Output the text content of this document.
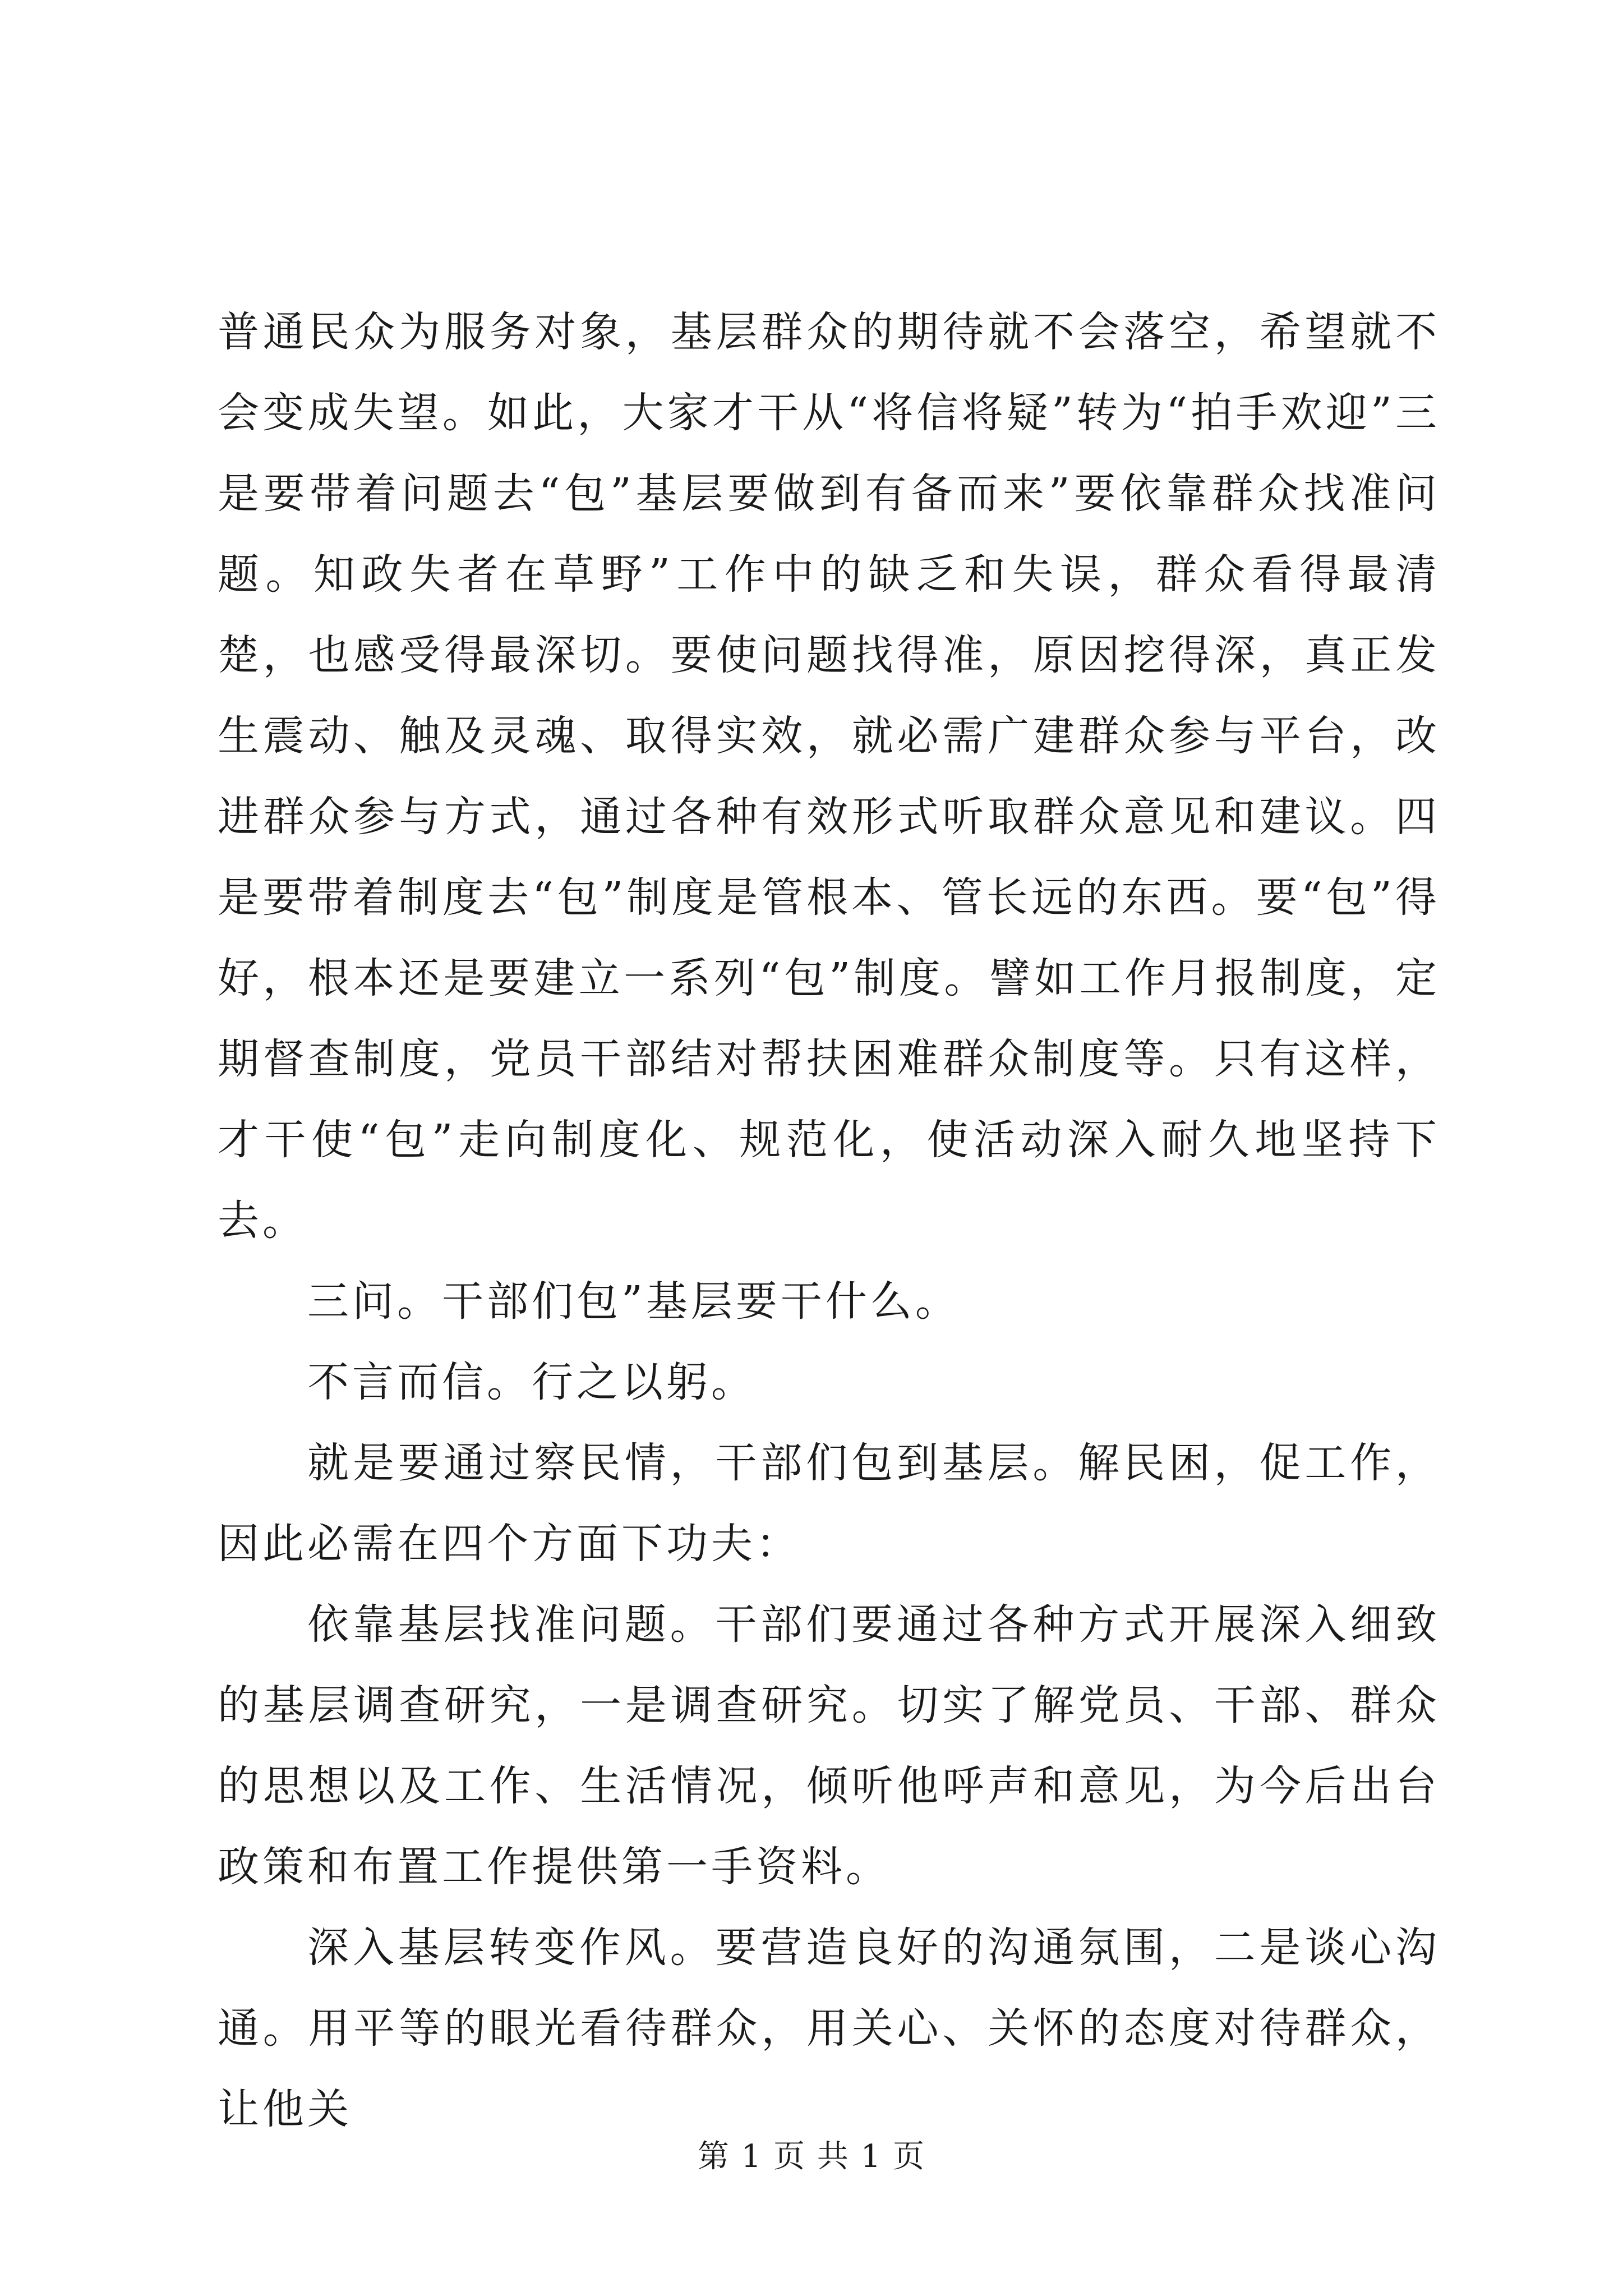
普通民众为服务对象，基层群众的期待就不会落空，希望就不会变成失望。如此，大家才干从“将信将疑”转为“拍手欢迎”三是要带着问题去“包”基层要做到有备而来”要依靠群众找准问题。知政失者在草野”工作中的缺乏和失误，群众看得最清楚，也感受得最深切。要使问题找得准，原因挖得深，真正发生震动、触及灵魂、取得实效，就必需广建群众参与平台，改进群众参与方式，通过各种有效形式听取群众意见和建议。四是要带着制度去“包”制度是管根本、管长远的东西。要“包”得好，根本还是要建立一系列“包”制度。譬如工作月报制度，定期督查制度，党员干部结对帮扶困难群众制度等。只有这样，才干使“包”走向制度化、规范化，使活动深入耐久地坚持下去。

三问。干部们包”基层要干什么。

不言而信。行之以躬。

就是要通过察民情，干部们包到基层。解民困，促工作，因此必需在四个方面下功夫：

依靠基层找准问题。干部们要通过各种方式开展深入细致的基层调查研究，一是调查研究。切实了解党员、干部、群众的思想以及工作、生活情况，倾听他呼声和意见，为今后出台政策和布置工作提供第一手资料。

深入基层转变作风。要营造良好的沟通氛围，二是谈心沟通。用平等的眼光看待群众，用关心、关怀的态度对待群众，让他关

第 1 页 共 1 页
